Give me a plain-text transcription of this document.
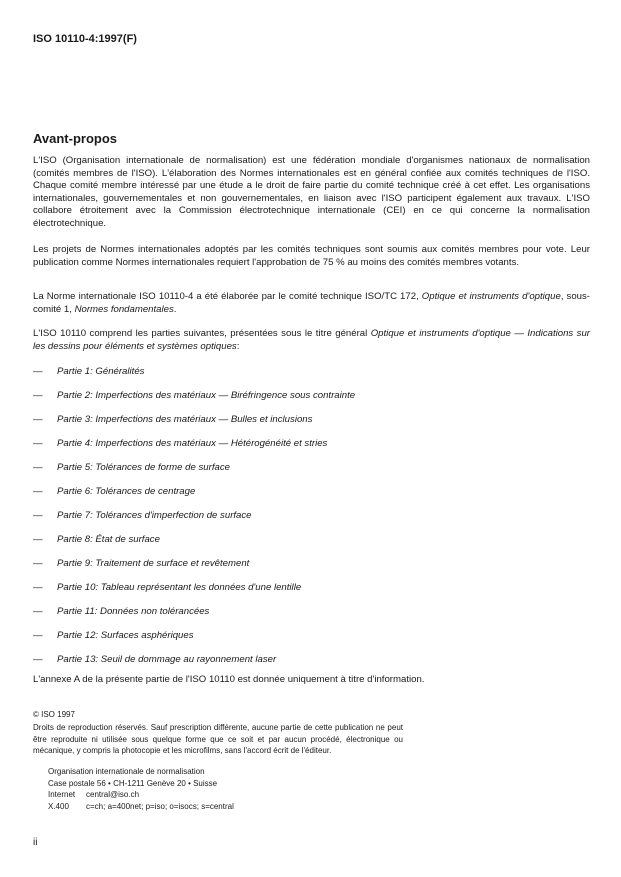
ISO 10110-4:1997(F)
Avant-propos
L'ISO (Organisation internationale de normalisation) est une fédération mondiale d'organismes nationaux de normalisation (comités membres de l'ISO). L'élaboration des Normes internationales est en général confiée aux comités techniques de l'ISO. Chaque comité membre intéressé par une étude a le droit de faire partie du comité technique créé à cet effet. Les organisations internationales, gouvernementales et non gouvernementales, en liaison avec l'ISO participent également aux travaux. L'ISO collabore étroitement avec la Commission électrotechnique internationale (CEI) en ce qui concerne la normalisation électrotechnique.
Les projets de Normes internationales adoptés par les comités techniques sont soumis aux comités membres pour vote. Leur publication comme Normes internationales requiert l'approbation de 75 % au moins des comités membres votants.
La Norme internationale ISO 10110-4 a été élaborée par le comité technique ISO/TC 172, Optique et instruments d'optique, sous-comité 1, Normes fondamentales.
L'ISO 10110 comprend les parties suivantes, présentées sous le titre général Optique et instruments d'optique — Indications sur les dessins pour éléments et systèmes optiques:
—	Partie 1: Généralités
—	Partie 2: Imperfections des matériaux — Biréfringence sous contrainte
—	Partie 3: Imperfections des matériaux — Bulles et inclusions
—	Partie 4: Imperfections des matériaux — Hétérogénéité et stries
—	Partie 5: Tolérances de forme de surface
—	Partie 6: Tolérances de centrage
—	Partie 7: Tolérances d'imperfection de surface
—	Partie 8: État de surface
—	Partie 9: Traitement de surface et revêtement
—	Partie 10: Tableau représentant les données d'une lentille
—	Partie 11: Données non tolérancées
—	Partie 12: Surfaces asphériques
—	Partie 13: Seuil de dommage au rayonnement laser
L'annexe A de la présente partie de l'ISO 10110 est donnée uniquement à titre d'information.
© ISO 1997
Droits de reproduction réservés. Sauf prescription différente, aucune partie de cette publication ne peut être reproduite ni utilisée sous quelque forme que ce soit et par aucun procédé, électronique ou mécanique, y compris la photocopie et les microfilms, sans l'accord écrit de l'éditeur.
Organisation internationale de normalisation
Case postale 56 • CH-1211 Genève 20 • Suisse
Internet	central@iso.ch
X.400	c=ch; a=400net; p=iso; o=isocs; s=central
ii
